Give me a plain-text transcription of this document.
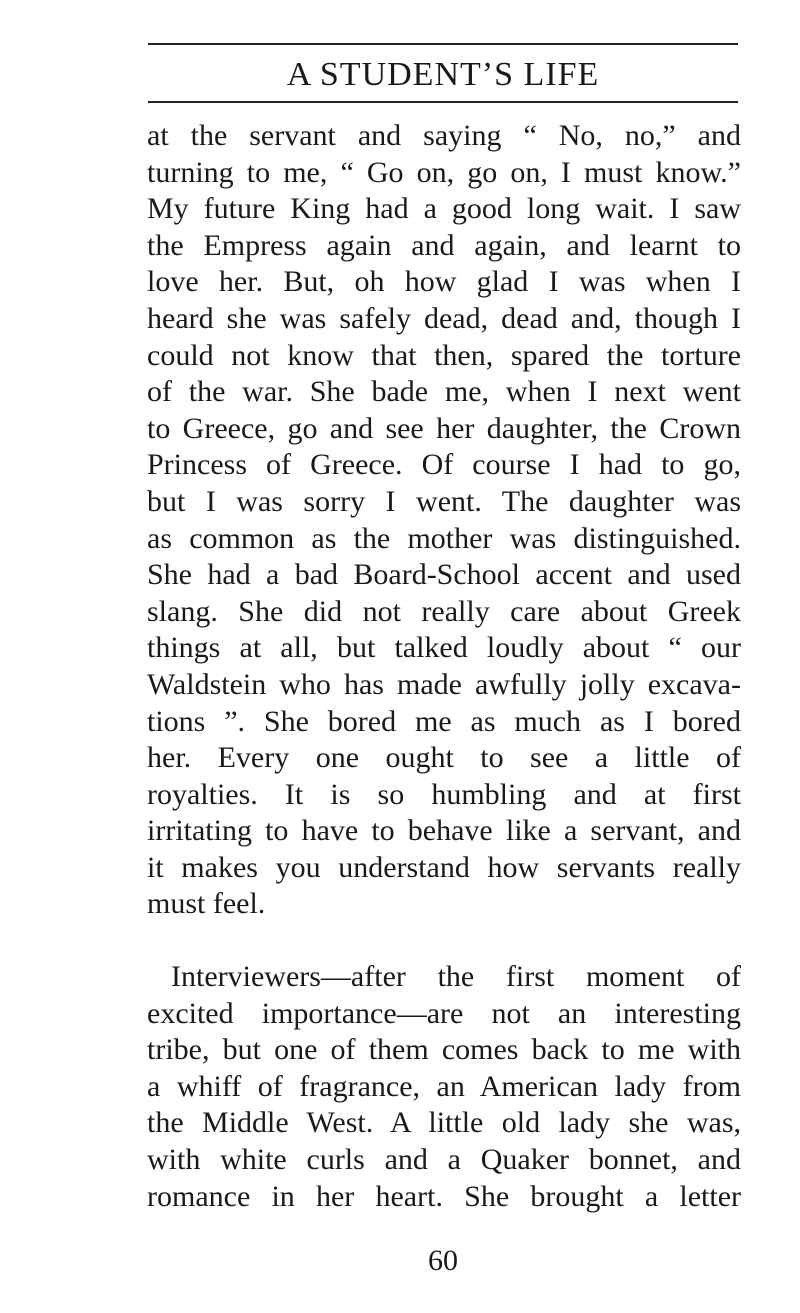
A STUDENT’S LIFE

at the servant and saying “ No, no,” and
turning to me, “ Go on, go on, I must know.”
My future King had a good long wait. I saw
the Empress again and again, and learnt to
love her. But, oh how glad I was when I
heard she was safely dead, dead and, though I
could not know that then, spared the torture
of the war. She bade me, when I next went
to Greece, go and see her daughter, the Crown
Princess of Greece. Of course I had to go,
but I was sorry I went. The daughter was
as common as the mother was distinguished.
She had a bad Board-School accent and used
slang. She did not really care about Greek
things at all, but talked loudly about “ our
Waldstein who has made awfully jolly excava-
tions ”. She bored me as much as I bored
her. Every one ought to see a little of
royalties. It is so humbling and at first
irritating to have to behave like a servant, and
it makes you understand how servants really
must feel.

Interviewers—after the first moment of
excited importance—are not an interesting
tribe, but one of them comes back to me with
a whiff of fragrance, an American lady from
the Middle West. A little old lady she was,
with white curls and a Quaker bonnet, and
romance in her heart. She brought a letter

60
